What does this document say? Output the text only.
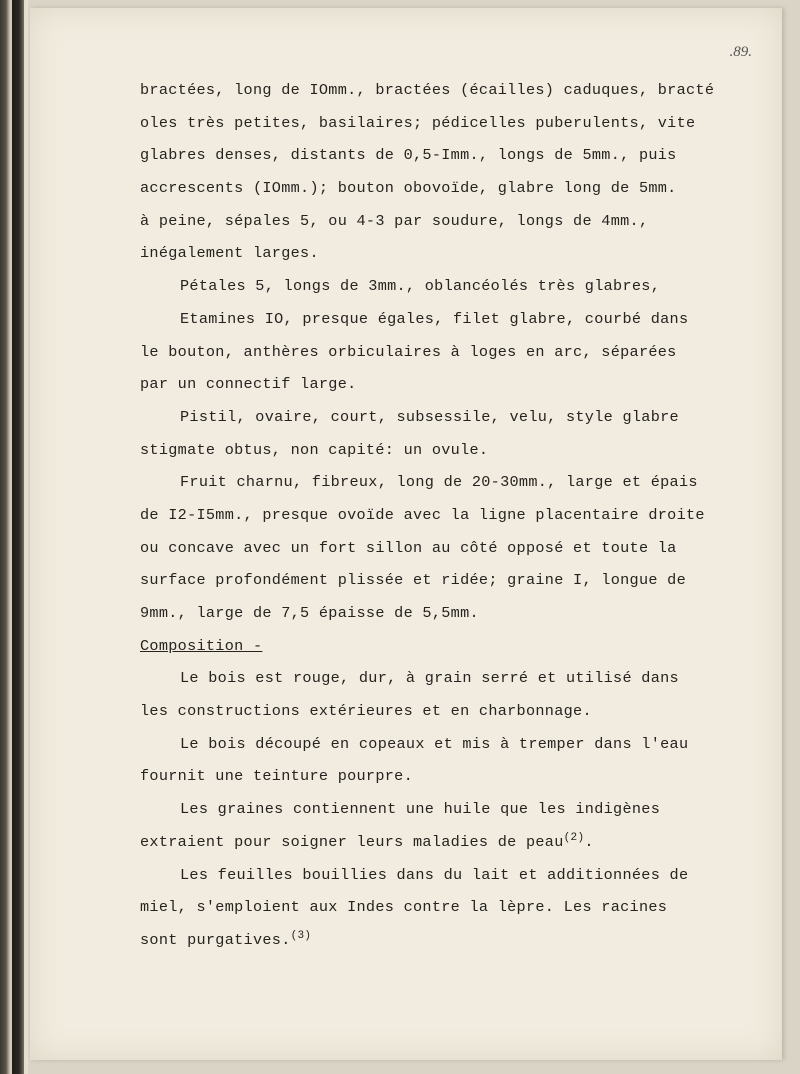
.89.
bractées, long de IOmm., bractées (écailles) caduques, bracté
oles très petites, basilaires; pédicelles puberulents, vite
glabres denses, distants de 0,5-Imm., longs de 5mm., puis
accrescents (IOmm.); bouton obovoïde, glabre long de 5mm.
à peine, sépales 5, ou 4-3 par soudure, longs de 4mm.,
inégalement larges.
Pétales 5, longs de 3mm., oblancéolés très glabres,
Etamines IO, presque égales, filet glabre, courbé dans
le bouton, anthères orbiculaires à loges en arc, séparées
par un connectif large.
Pistil, ovaire, court, subsessile, velu, style glabre
stigmate obtus, non capité: un ovule.
Fruit charnu, fibreux, long de 20-30mm., large et épais
de I2-I5mm., presque ovoïde avec la ligne placentaire droite
ou concave avec un fort sillon au côté opposé et toute la
surface profondément plissée et ridée; graine I, longue de
9mm., large de 7,5 épaisse de 5,5mm.
Composition -
Le bois est rouge, dur, à grain serré et utilisé dans
les constructions extérieures et en charbonnage.
Le bois découpé en copeaux et mis à tremper dans l'eau
fournit une teinture pourpre.
Les graines contiennent une huile que les indigènes
extraient pour soigner leurs maladies de peau$^{(2)}$.
Les feuilles bouillies dans du lait et additionnées de
miel, s'emploient aux Indes contre la lèpre. Les racines
sont purgatives.$^{(3)}$
